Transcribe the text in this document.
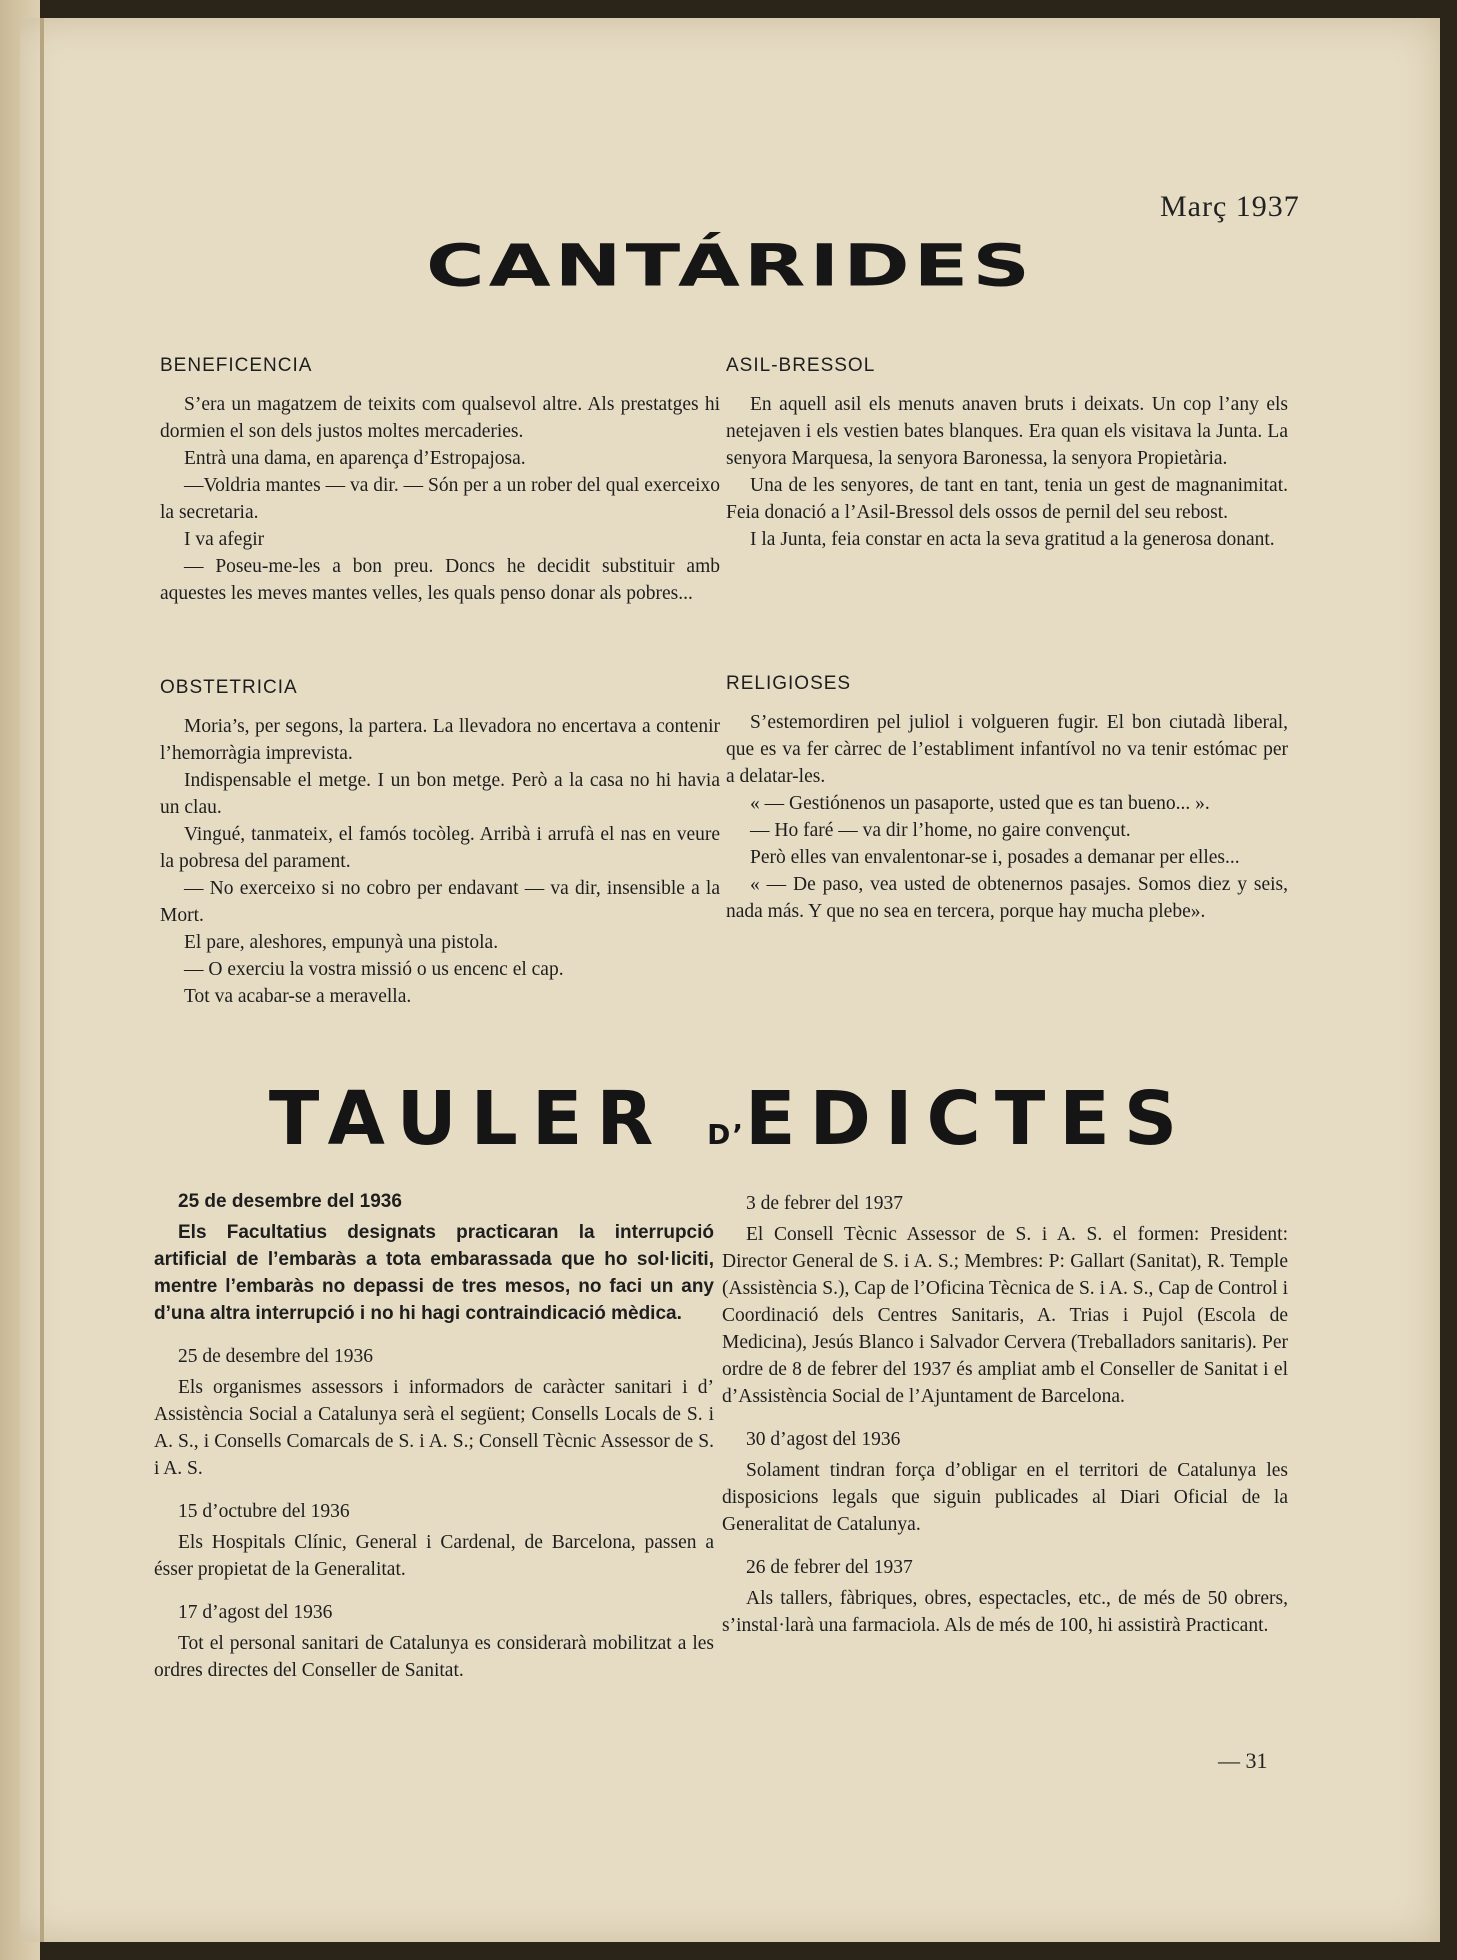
Març 1937
CANTÁRIDES
BENEFICENCIA

S’era un magatzem de teixits com qualsevol altre. Als prestatges hi dormien el son dels justos moltes mercaderies.

Entrà una dama, en aparença d’Estropajosa.

—Voldria mantes — va dir. — Són per a un rober del qual exerceixo la secretaria.

I va afegir

— Poseu-me-les a bon preu. Doncs he decidit substituir amb aquestes les meves mantes velles, les quals penso donar als pobres...

OBSTETRICIA

Moria’s, per segons, la partera. La llevadora no encertava a contenir l’hemorràgia imprevista.

Indispensable el metge. I un bon metge. Però a la casa no hi havia un clau.

Vingué, tanmateix, el famós tocòleg. Arribà i arrufà el nas en veure la pobresa del parament.

— No exerceixo si no cobro per endavant — va dir, insensible a la Mort.

El pare, aleshores, empunyà una pistola.

— O exerciu la vostra missió o us encenc el cap.

Tot va acabar-se a meravella.

ASIL-BRESSOL

En aquell asil els menuts anaven bruts i deixats. Un cop l’any els netejaven i els vestien bates blanques. Era quan els visitava la Junta. La senyora Marquesa, la senyora Baronessa, la senyora Propietària.

Una de les senyores, de tant en tant, tenia un gest de magnanimitat. Feia donació a l’Asil-Bressol dels ossos de pernil del seu rebost.

I la Junta, feia constar en acta la seva gratitud a la generosa donant.

RELIGIOSES

S’estemordiren pel juliol i volgueren fugir. El bon ciutadà liberal, que es va fer càrrec de l’establiment infantívol no va tenir estómac per a delatar-les.

« — Gestiónenos un pasaporte, usted que es tan bueno... ».

— Ho faré — va dir l’home, no gaire convençut.

Però elles van envalentonar-se i, posades a demanar per elles...

« — De paso, vea usted de obtenernos pasajes. Somos diez y seis, nada más. Y que no sea en tercera, porque hay mucha plebe».

TAULER D’EDICTES

25 de desembre del 1936

Els Facultatius designats practicaran la interrupció artificial de l’embaràs a tota embarassada que ho sol·liciti, mentre l’embaràs no depassi de tres mesos, no faci un any d’una altra interrupció i no hi hagi contraindicació mèdica.

25 de desembre del 1936

Els organismes assessors i informadors de caràcter sanitari i d’ Assistència Social a Catalunya serà el següent; Consells Locals de S. i A. S., i Consells Comarcals de S. i A. S.; Consell Tècnic Assessor de S. i A. S.

15 d’octubre del 1936

Els Hospitals Clínic, General i Cardenal, de Barcelona, passen a ésser propietat de la Generalitat.

17 d’agost del 1936

Tot el personal sanitari de Catalunya es considerarà mobilitzat a les ordres directes del Conseller de Sanitat.

3 de febrer del 1937

El Consell Tècnic Assessor de S. i A. S. el formen: President: Director General de S. i A. S.; Membres: P: Gallart (Sanitat), R. Temple (Assistència S.), Cap de l’Oficina Tècnica de S. i A. S., Cap de Control i Coordinació dels Centres Sanitaris, A. Trias i Pujol (Escola de Medicina), Jesús Blanco i Salvador Cervera (Treballadors sanitaris). Per ordre de 8 de febrer del 1937 és ampliat amb el Conseller de Sanitat i el d’Assistència Social de l’Ajuntament de Barcelona.

30 d’agost del 1936

Solament tindran força d’obligar en el territori de Catalunya les disposicions legals que siguin publicades al Diari Oficial de la Generalitat de Catalunya.

26 de febrer del 1937

Als tallers, fàbriques, obres, espectacles, etc., de més de 50 obrers, s’instal·larà una farmaciola. Als de més de 100, hi assistirà Practicant.

— 31
